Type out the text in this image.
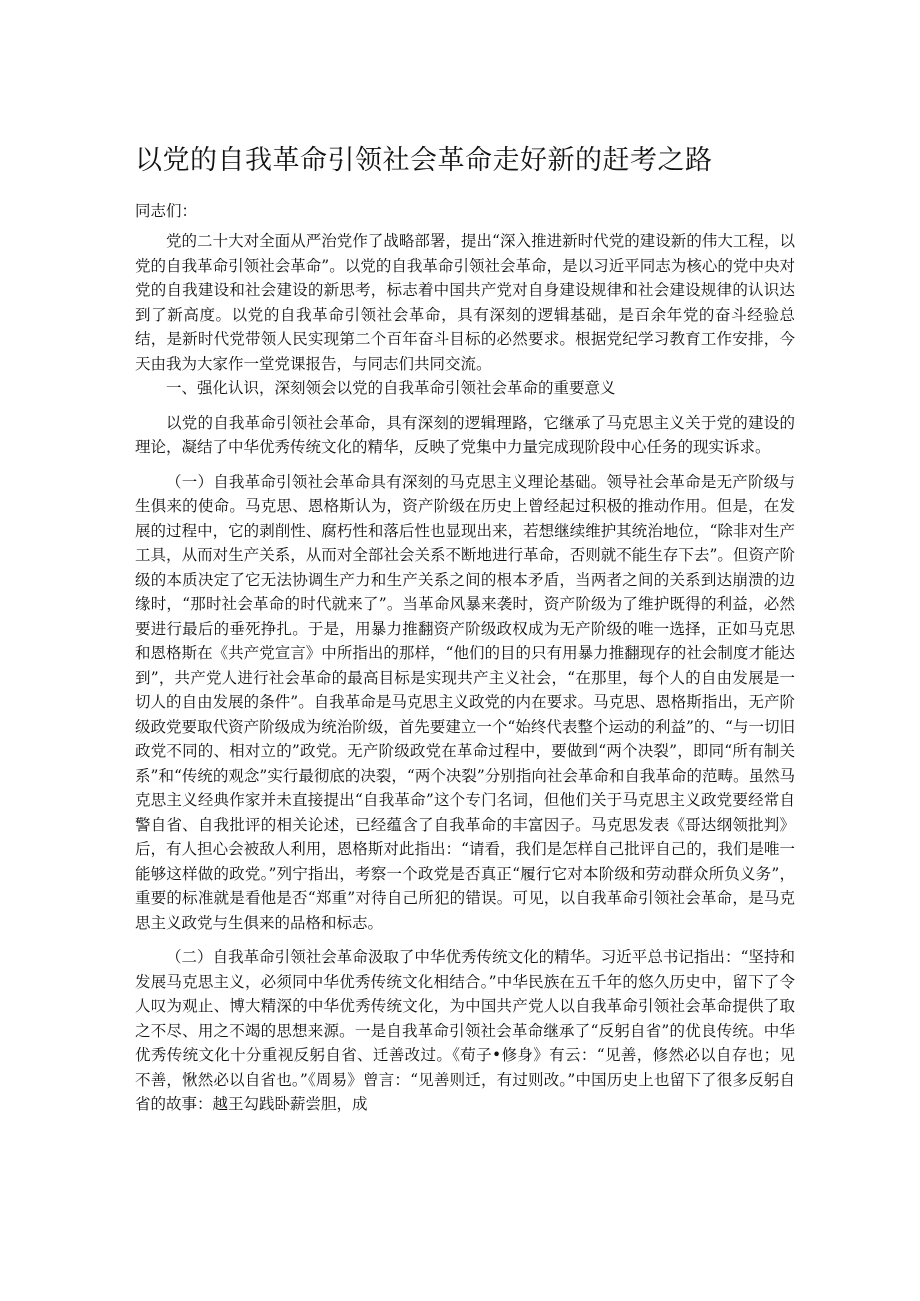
以党的自我革命引领社会革命走好新的赶考之路

同志们：

党的二十大对全面从严治党作了战略部署，提出“深入推进新时代党的建设新的伟大工程，以党的自我革命引领社会革命”。以党的自我革命引领社会革命，是以习近平同志为核心的党中央对党的自我建设和社会建设的新思考，标志着中国共产党对自身建设规律和社会建设规律的认识达到了新高度。以党的自我革命引领社会革命，具有深刻的逻辑基础，是百余年党的奋斗经验总结，是新时代党带领人民实现第二个百年奋斗目标的必然要求。根据党纪学习教育工作安排，今天由我为大家作一堂党课报告，与同志们共同交流。

一、强化认识，深刻领会以党的自我革命引领社会革命的重要意义

以党的自我革命引领社会革命，具有深刻的逻辑理路，它继承了马克思主义关于党的建设的理论，凝结了中华优秀传统文化的精华，反映了党集中力量完成现阶段中心任务的现实诉求。

（一）自我革命引领社会革命具有深刻的马克思主义理论基础。领导社会革命是无产阶级与生俱来的使命。马克思、恩格斯认为，资产阶级在历史上曾经起过积极的推动作用。但是，在发展的过程中，它的剥削性、腐朽性和落后性也显现出来，若想继续维护其统治地位，“除非对生产工具，从而对生产关系，从而对全部社会关系不断地进行革命，否则就不能生存下去”。但资产阶级的本质决定了它无法协调生产力和生产关系之间的根本矛盾，当两者之间的关系到达崩溃的边缘时，“那时社会革命的时代就来了”。当革命风暴来袭时，资产阶级为了维护既得的利益，必然要进行最后的垂死挣扎。于是，用暴力推翻资产阶级政权成为无产阶级的唯一选择，正如马克思和恩格斯在《共产党宣言》中所指出的那样，“他们的目的只有用暴力推翻现存的社会制度才能达到”，共产党人进行社会革命的最高目标是实现共产主义社会，“在那里，每个人的自由发展是一切人的自由发展的条件”。自我革命是马克思主义政党的内在要求。马克思、恩格斯指出，无产阶级政党要取代资产阶级成为统治阶级，首先要建立一个“始终代表整个运动的利益”的、“与一切旧政党不同的、相对立的”政党。无产阶级政党在革命过程中，要做到“两个决裂”，即同“所有制关系”和“传统的观念”实行最彻底的决裂，“两个决裂”分别指向社会革命和自我革命的范畴。虽然马克思主义经典作家并未直接提出“自我革命”这个专门名词，但他们关于马克思主义政党要经常自警自省、自我批评的相关论述，已经蕴含了自我革命的丰富因子。马克思发表《哥达纲领批判》后，有人担心会被敌人利用，恩格斯对此指出：“请看，我们是怎样自己批评自己的，我们是唯一能够这样做的政党。”列宁指出，考察一个政党是否真正“履行它对本阶级和劳动群众所负义务”，重要的标准就是看他是否“郑重”对待自己所犯的错误。可见，以自我革命引领社会革命，是马克思主义政党与生俱来的品格和标志。

（二）自我革命引领社会革命汲取了中华优秀传统文化的精华。习近平总书记指出：“坚持和发展马克思主义，必须同中华优秀传统文化相结合。”中华民族在五千年的悠久历史中，留下了令人叹为观止、博大精深的中华优秀传统文化，为中国共产党人以自我革命引领社会革命提供了取之不尽、用之不竭的思想来源。一是自我革命引领社会革命继承了“反躬自省”的优良传统。中华优秀传统文化十分重视反躬自省、迁善改过。《荀子•修身》有云：“见善，修然必以自存也；见不善，愀然必以自省也。”《周易》曾言：“见善则迁，有过则改。”中国历史上也留下了很多反躬自省的故事：越王勾践卧薪尝胆，成
